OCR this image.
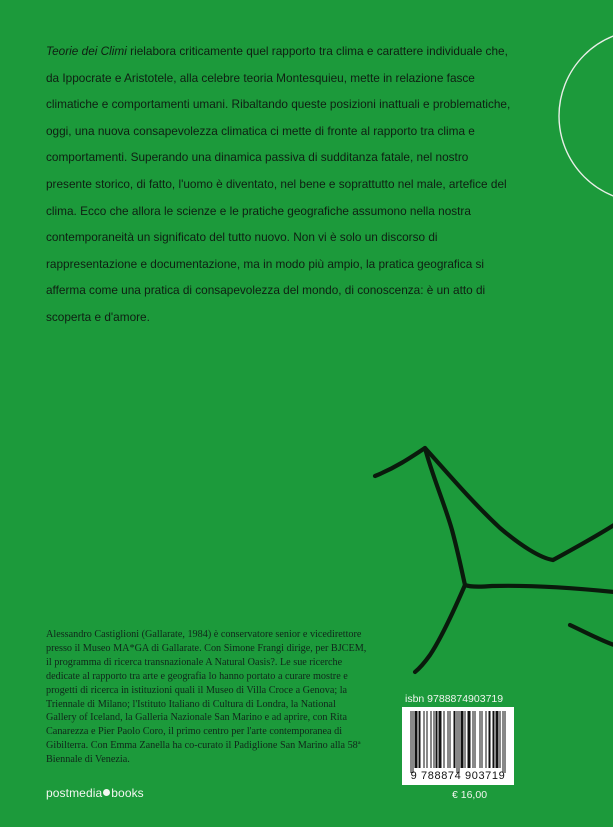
Teorie dei Climi rielabora criticamente quel rapporto tra clima e carattere individuale che, da Ippocrate e Aristotele, alla celebre teoria Montesquieu, mette in relazione fasce climatiche e comportamenti umani. Ribaltando queste posizioni inattuali e problematiche, oggi, una nuova consapevolezza climatica ci mette di fronte al rapporto tra clima e comportamenti. Superando una dinamica passiva di sudditanza fatale, nel nostro presente storico, di fatto, l'uomo è diventato, nel bene e soprattutto nel male, artefice del clima. Ecco che allora le scienze e le pratiche geografiche assumono nella nostra contemporaneità un significato del tutto nuovo. Non vi è solo un discorso di rappresentazione e documentazione, ma in modo più ampio, la pratica geografica si afferma come una pratica di consapevolezza del mondo, di conoscenza: è un atto di scoperta e d'amore.

Alessandro Castiglioni (Gallarate, 1984) è conservatore senior e vicedirettore presso il Museo MA*GA di Gallarate. Con Simone Frangi dirige, per BJCEM, il programma di ricerca transnazionale A Natural Oasis?. Le sue ricerche dedicate al rapporto tra arte e geografia lo hanno portato a curare mostre e progetti di ricerca in istituzioni quali il Museo di Villa Croce a Genova; la Triennale di Milano; l'Istituto Italiano di Cultura di Londra, la National Gallery of Iceland, la Galleria Nazionale San Marino e ad aprire, con Rita Canarezza e Pier Paolo Coro, il primo centro per l'arte contemporanea di Gibilterra. Con Emma Zanella ha co-curato il Padiglione San Marino alla 58ª Biennale di Venezia.

postmedia books
isbn 9788874903719
9 788874 903719
€ 16,00
